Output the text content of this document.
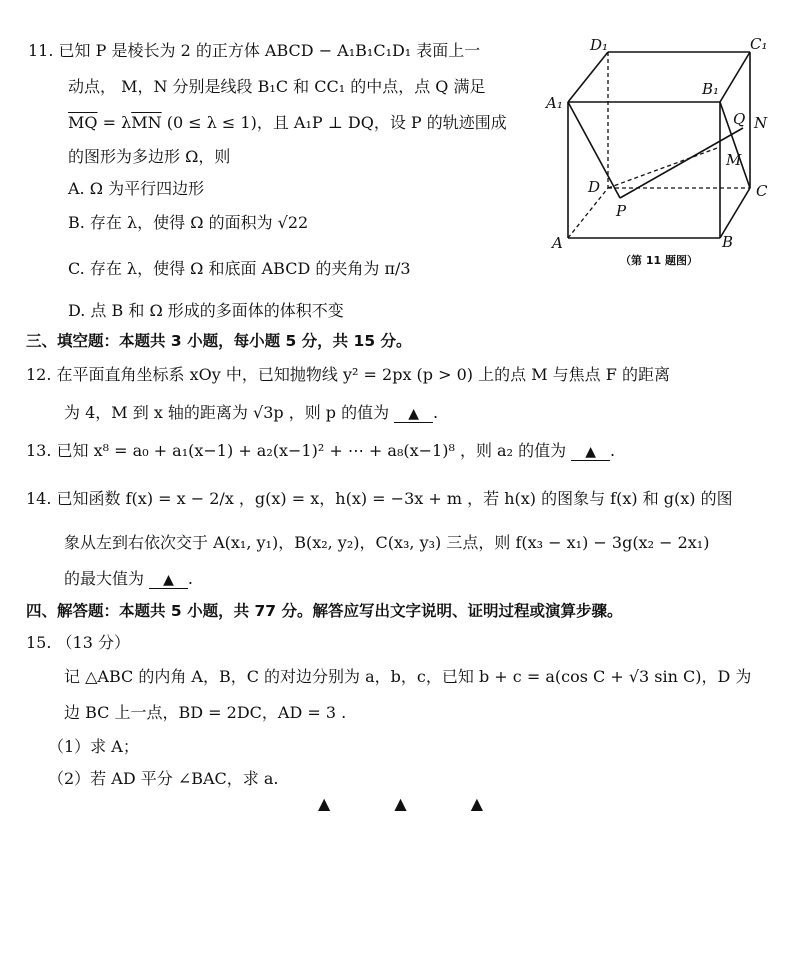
11. 已知 P 是棱长为 2 的正方体 ABCD − A₁B₁C₁D₁ 表面上一
动点， M，N 分别是线段 B₁C 和 CC₁ 的中点，点 Q 满足
$\overline{MQ} = \lambda\overline{MN}$ (0 ≤ λ ≤ 1)，且 A₁P ⊥ DQ，设 P 的轨迹围成
的图形为多边形 Ω，则
A. Ω 为平行四边形
B. 存在 λ，使得 Ω 的面积为 √22
C. 存在 λ，使得 Ω 和底面 ABCD 的夹角为 π/3
D. 点 B 和 Ω 形成的多面体的体积不变
D₁	C₁
A₁
B₁
Q N
M
D	C
P
A	B
（第 11 题图）
三、填空题：本题共 3 小题，每小题 5 分，共 15 分。
12. 在平面直角坐标系 xOy 中，已知抛物线 y² = 2px (p > 0) 上的点 M 与焦点 F 的距离
为 4，M 到 x 轴的距离为 √3p ，则 p 的值为 ▲ .
13. 已知 x⁸ = a₀ + a₁(x−1) + a₂(x−1)² + ⋯ + a₈(x−1)⁸ ，则 a₂ 的值为 ▲ .
14. 已知函数 f(x) = x − 2/x ，g(x) = x，h(x) = −3x + m ，若 h(x) 的图象与 f(x) 和 g(x) 的图
象从左到右依次交于 A(x₁, y₁)，B(x₂, y₂)，C(x₃, y₃) 三点，则 f(x₃ − x₁) − 3g(x₂ − 2x₁)
的最大值为 ▲ .
四、解答题：本题共 5 小题，共 77 分。解答应写出文字说明、证明过程或演算步骤。
15. （13 分）
记 △ABC 的内角 A，B，C 的对边分别为 a，b，c，已知 b + c = a(cos C + √3 sin C)，D 为
边 BC 上一点，BD = 2DC，AD = 3 .
（1）求 A；
（2）若 AD 平分 ∠BAC，求 a.
▲	▲	▲
